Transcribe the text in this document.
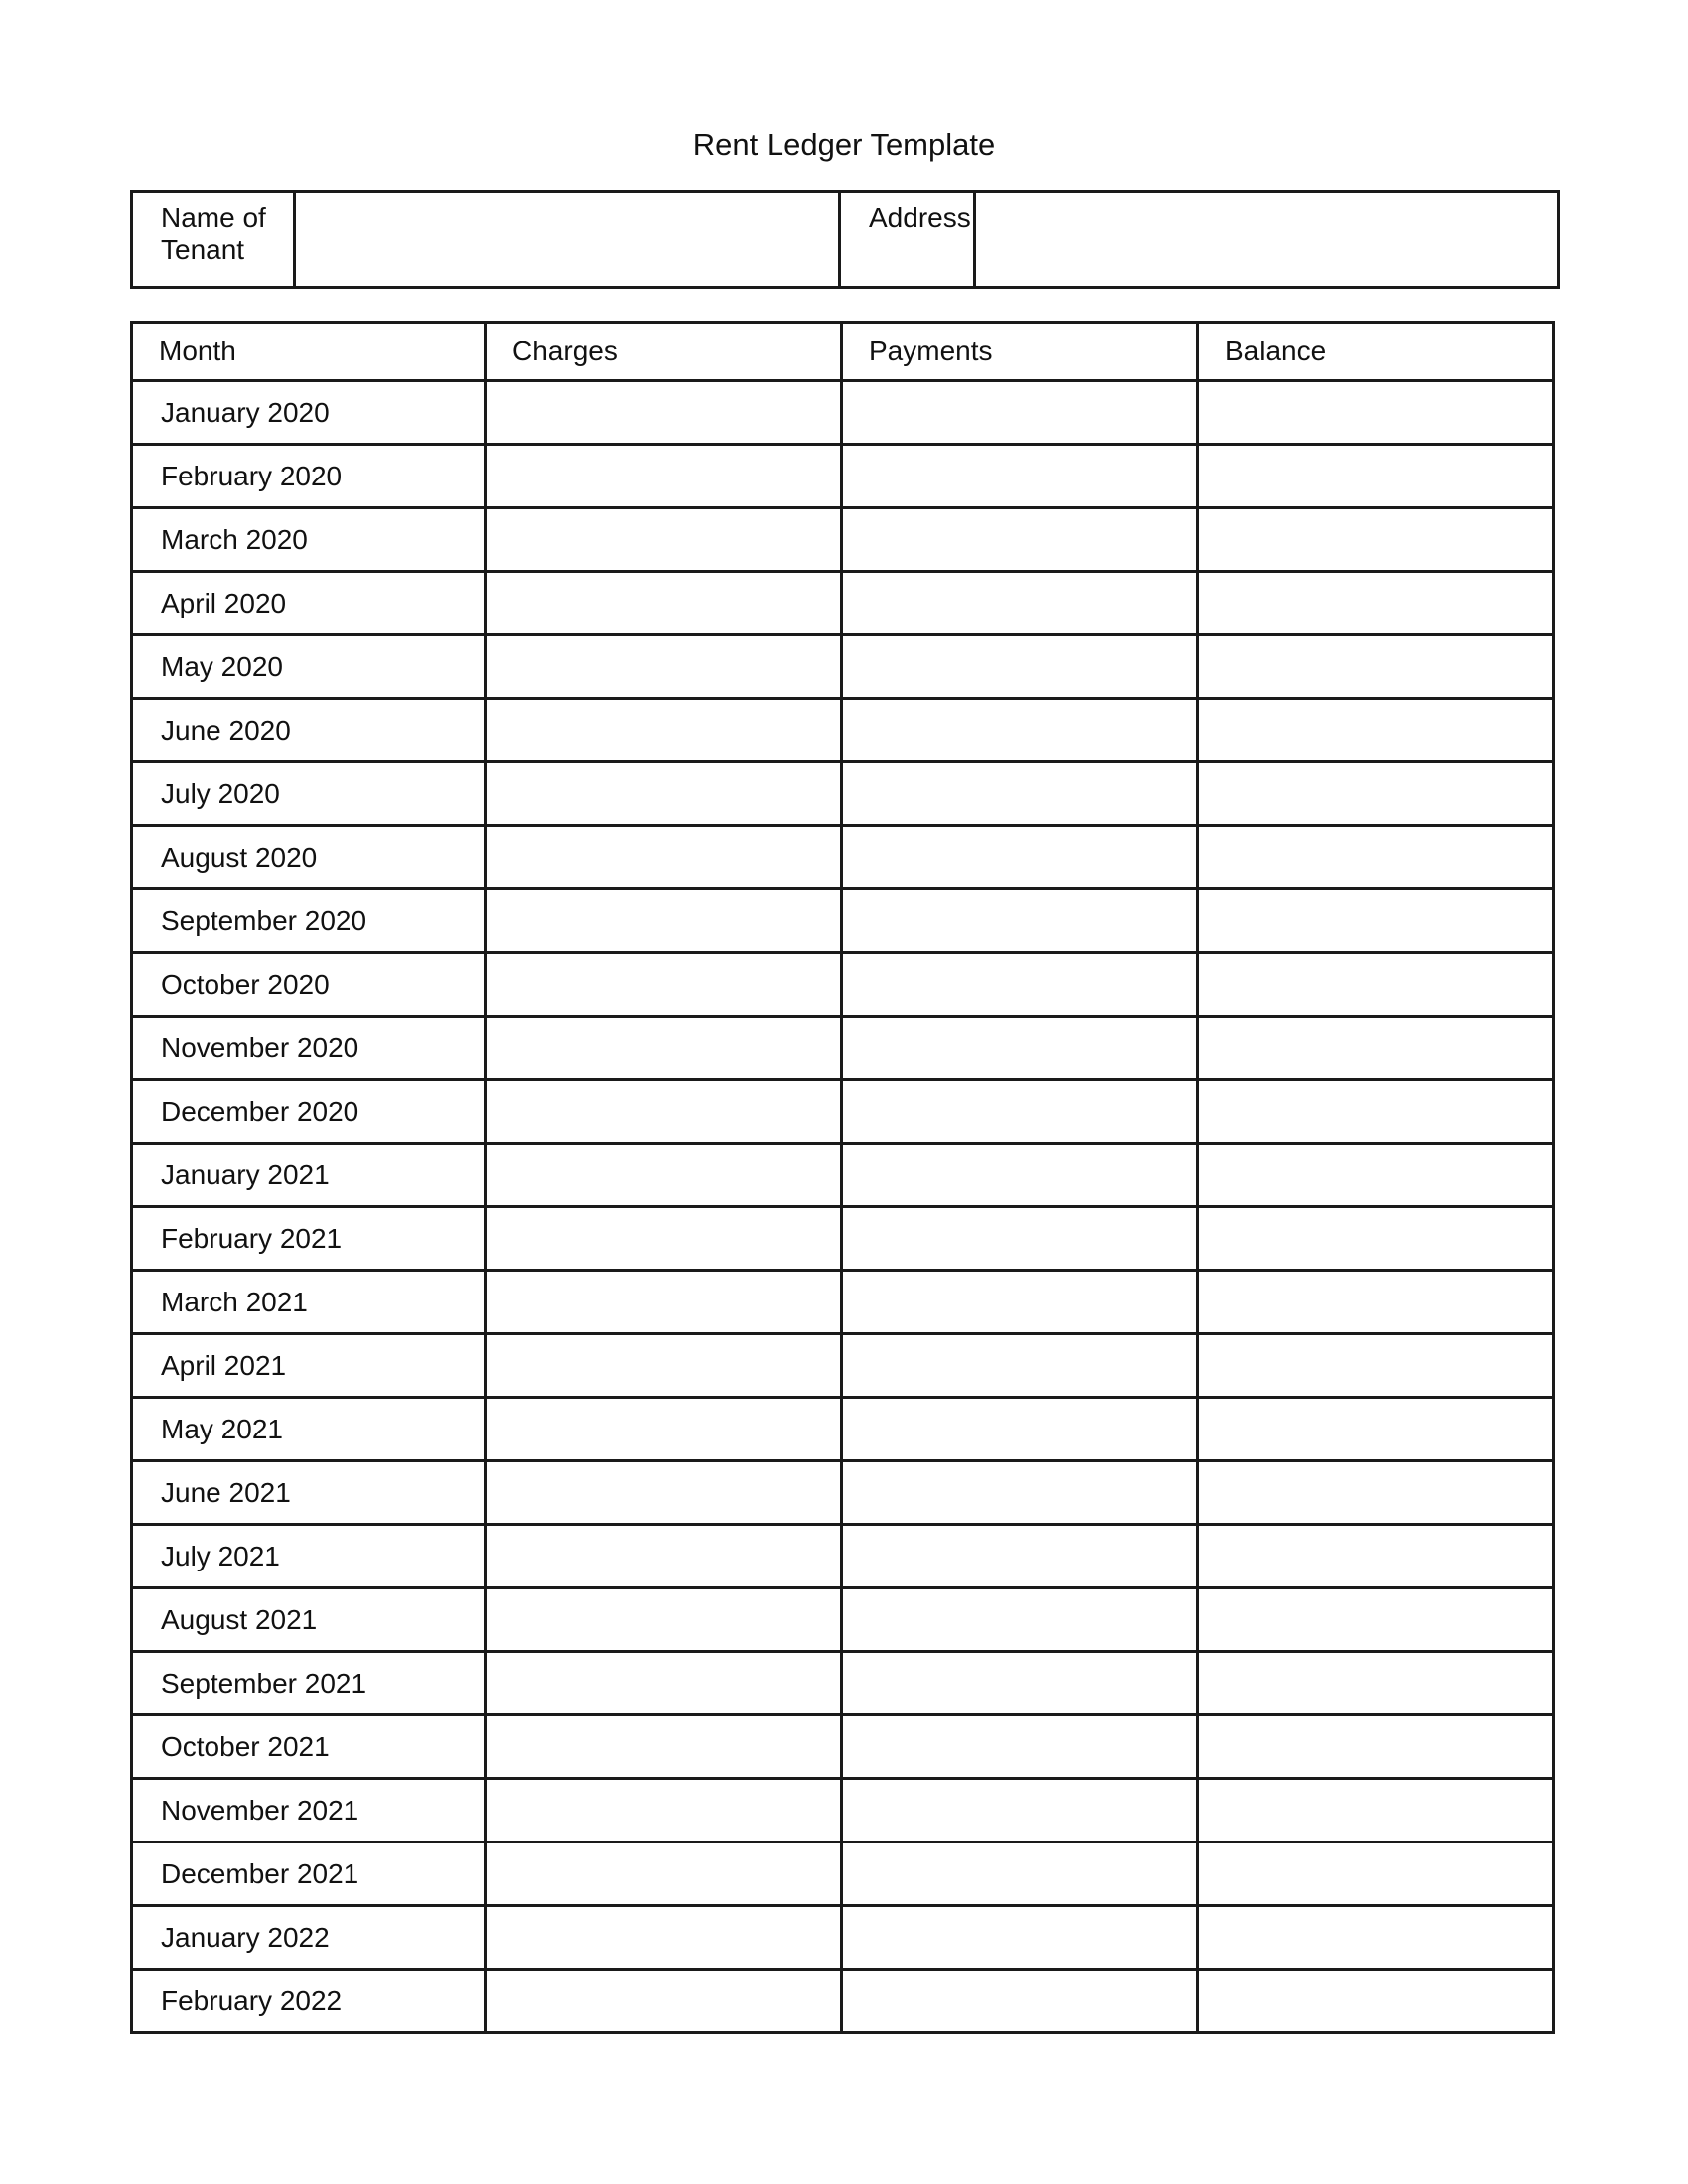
Rent Ledger Template
Name of Tenant		Address	
Month	Charges	Payments	Balance
January 2020			
February 2020			
March 2020			
April 2020			
May 2020			
June 2020			
July 2020			
August 2020			
September 2020			
October 2020			
November 2020			
December 2020			
January 2021			
February 2021			
March 2021			
April 2021			
May 2021			
June 2021			
July 2021			
August 2021			
September 2021			
October 2021			
November 2021			
December 2021			
January 2022			
February 2022			
